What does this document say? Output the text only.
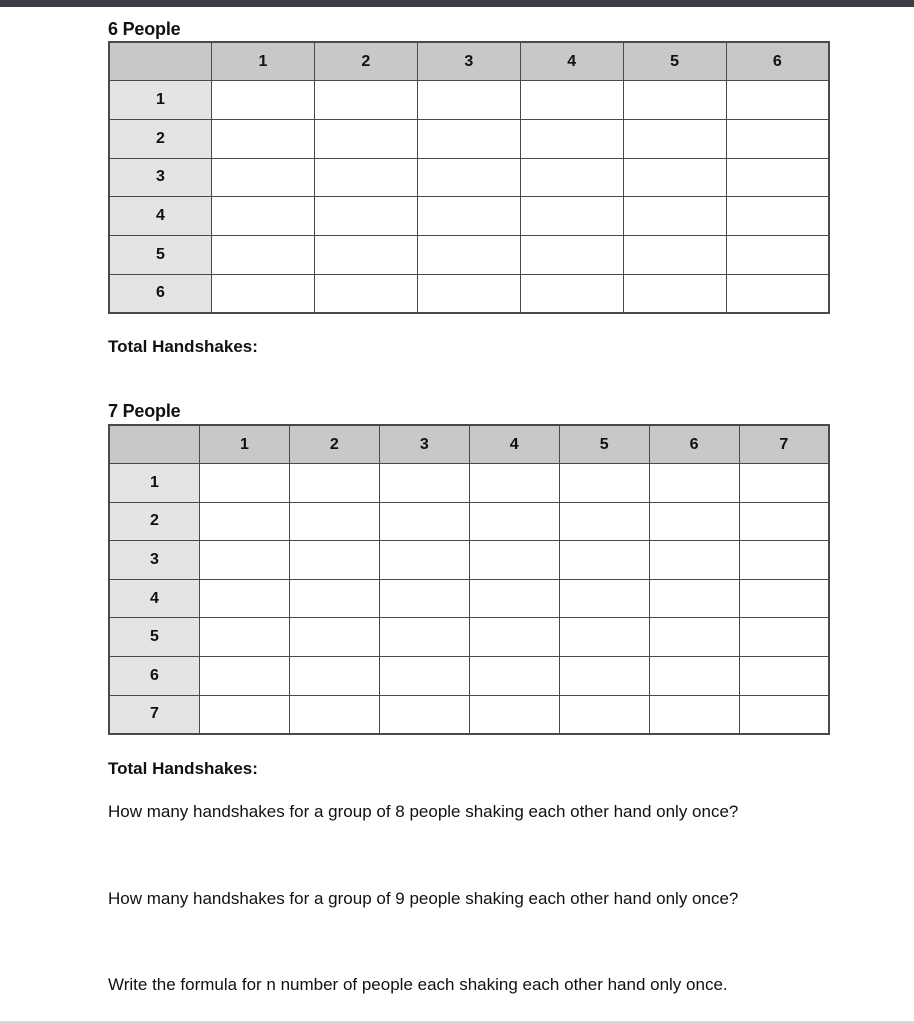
6 People
	1	2	3	4	5	6
1						
2						
3						
4						
5						
6						

Total Handshakes:

7 People
	1	2	3	4	5	6	7
1							
2							
3							
4							
5							
6							
7							

Total Handshakes:

How many handshakes for a group of 8 people shaking each other hand only once?

How many handshakes for a group of 9 people shaking each other hand only once?

Write the formula for n number of people each shaking each other hand only once.
